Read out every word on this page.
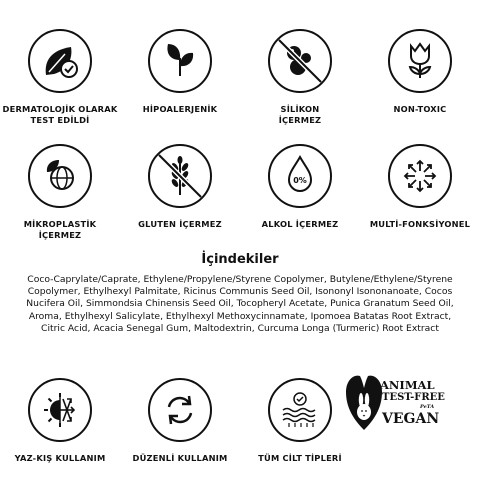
DERMATOLOJİK OLARAK
TEST EDİLDİ
HİPOALERJENİK	SİLİKON
İÇERMEZ
NON-TOXIC
MİKROPLASTİK
İÇERMEZ
GLUTEN İÇERMEZ
0%
ALKOL İÇERMEZ	MULTİ-FONKSİYONEL
İçindekiler
Coco-Caprylate/Caprate, Ethylene/Propylene/Styrene Copolymer, Butylene/Ethylene/Styrene Copolymer, Ethylhexyl Palmitate, Ricinus Communis Seed Oil, Isononyl Isononanoate, Cocos Nucifera Oil, Simmondsia Chinensis Seed Oil, Tocopheryl Acetate, Punica Granatum Seed Oil, Aroma, Ethylhexyl Salicylate, Ethylhexyl Methoxycinnamate, Ipomoea Batatas Root Extract, Citric Acid, Acacia Senegal Gum, Maltodextrin, Curcuma Longa (Turmeric) Root Extract
YAZ-KIŞ KULLANIM	DÜZENLİ KULLANIM	TÜM CİLT TİPLERİ
ANIMAL
TEST-FREE
PeTA
VEGAN
